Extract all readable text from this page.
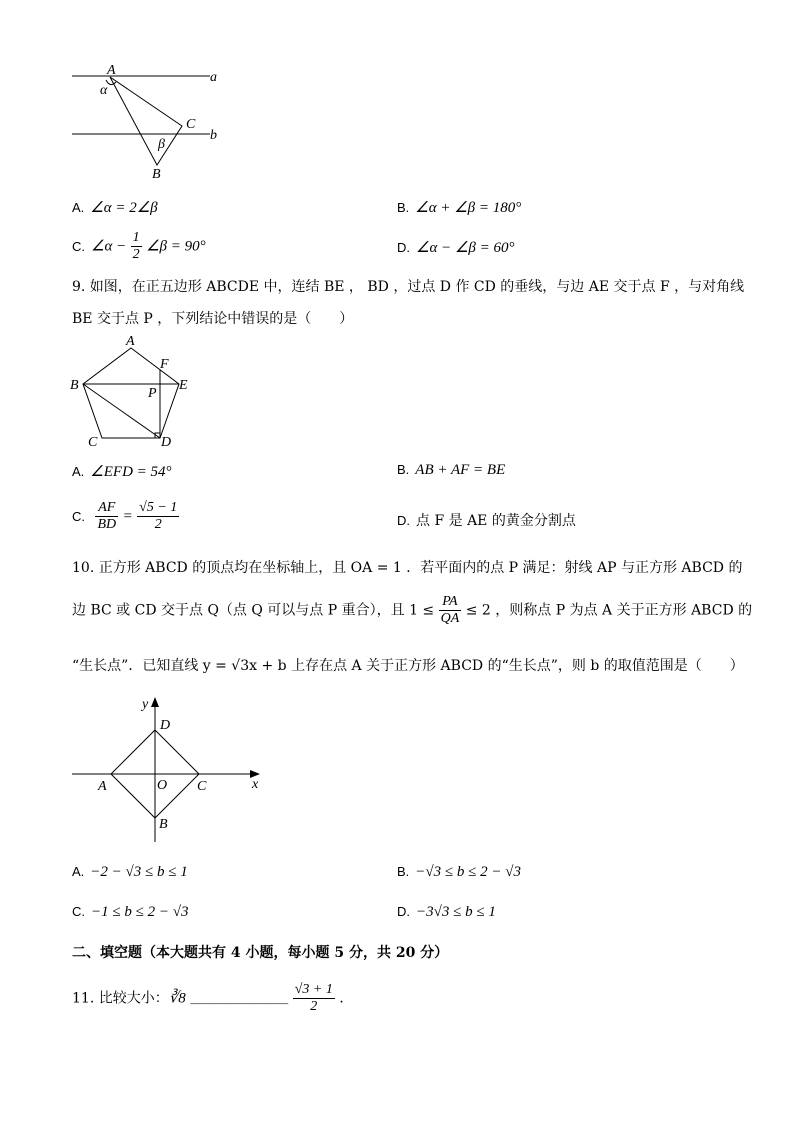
A	a
α
C
b
β
B
A. ∠α = 2∠β	B. ∠α + ∠β = 180°
C. ∠α − $\frac{1}{2}$ ∠β = 90°	D. ∠α − ∠β = 60°
9. 如图，在正五边形 ABCDE 中，连结 BE ， BD ，过点 D 作 CD 的垂线，与边 AE 交于点 F ，与对角线
BE 交于点 P ，下列结论中错误的是（　　）
A
F
B	E
P
C	D
A. ∠EFD = 54°	B. AB + AF = BE
C. $\frac{AF}{BD} = \frac{√5 - 1}{2}$	D. 点 F 是 AE 的黄金分割点
10. 正方形 ABCD 的顶点均在坐标轴上，且 OA = 1 ．若平面内的点 P 满足：射线 AP 与正方形 ABCD 的
边 BC 或 CD 交于点 Q（点 Q 可以与点 P 重合），且 $1 \le \frac{PA}{QA} \le 2$ ，则称点 P 为点 A 关于正方形 ABCD 的
“生长点”．已知直线 y = √3x + b 上存在点 A 关于正方形 ABCD 的“生长点”，则 b 的取值范围是（　　）
y
D
x
A	O C
B
A. −2 − √3 ≤ b ≤ 1	B. −√3 ≤ b ≤ 2 − √3
C. −1 ≤ b ≤ 2 − √3	D. −3√3 ≤ b ≤ 1
二、填空题（本大题共有 4 小题，每小题 5 分，共 20 分）
11. 比较大小：∛8 ＿＿＿＿＿＿＿ $\frac{√3 + 1}{2}$ .
